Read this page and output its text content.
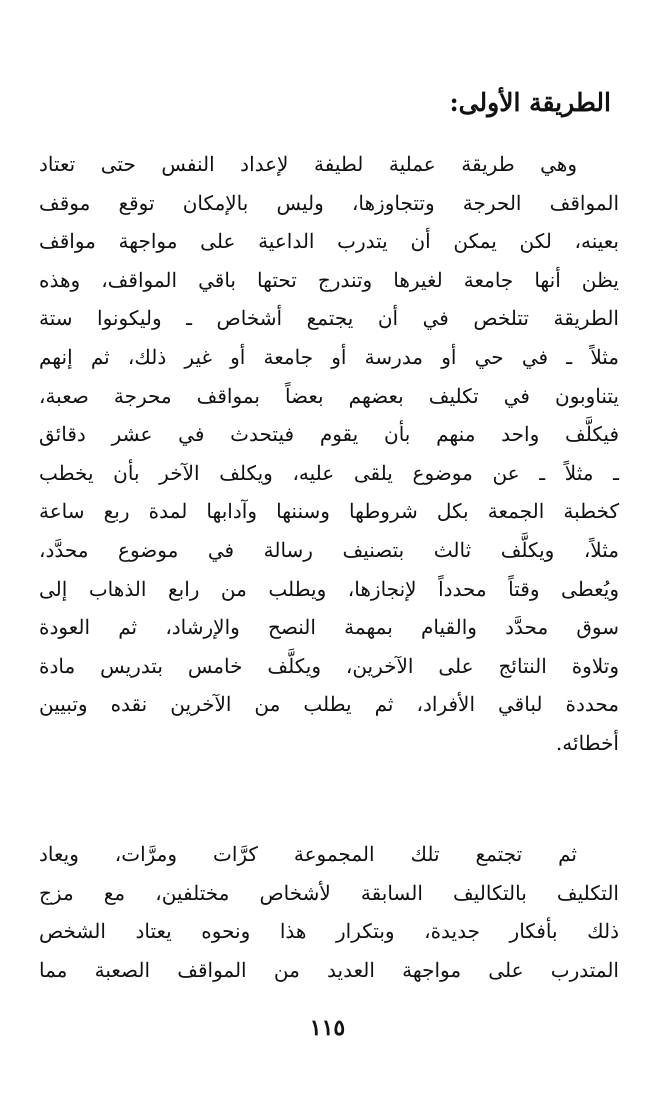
الطريقة الأولى:
وهي طريقة عملية لطيفة لإعداد النفس حتى تعتاد
المواقف الحرجة وتتجاوزها، وليس بالإمكان توقع موقف
بعينه، لكن يمكن أن يتدرب الداعية على مواجهة مواقف
يظن أنها جامعة لغيرها وتندرج تحتها باقي المواقف، وهذه
الطريقة تتلخص في أن يجتمع أشخاص ـ وليكونوا ستة
مثلاً ـ في حي أو مدرسة أو جامعة أو غير ذلك، ثم إنهم
يتناوبون في تكليف بعضهم بعضاً بمواقف محرجة صعبة،
فيكلَّف واحد منهم بأن يقوم فيتحدث في عشر دقائق
ـ مثلاً ـ عن موضوع يلقى عليه، ويكلف الآخر بأن يخطب
كخطبة الجمعة بكل شروطها وسننها وآدابها لمدة ربع ساعة
مثلاً، ويكلَّف ثالث بتصنيف رسالة في موضوع محدَّد،
ويُعطى وقتاً محدداً لإنجازها، ويطلب من رابع الذهاب إلى
سوق محدَّد والقيام بمهمة النصح والإرشاد، ثم العودة
وتلاوة النتائج على الآخرين، ويكلَّف خامس بتدريس مادة
محددة لباقي الأفراد، ثم يطلب من الآخرين نقده وتبيين
أخطائه.
ثم تجتمع تلك المجموعة كرَّات ومرَّات، ويعاد
التكليف بالتكاليف السابقة لأشخاص مختلفين، مع مزج
ذلك بأفكار جديدة، وبتكرار هذا ونحوه يعتاد الشخص
المتدرب على مواجهة العديد من المواقف الصعبة مما
١١٥
